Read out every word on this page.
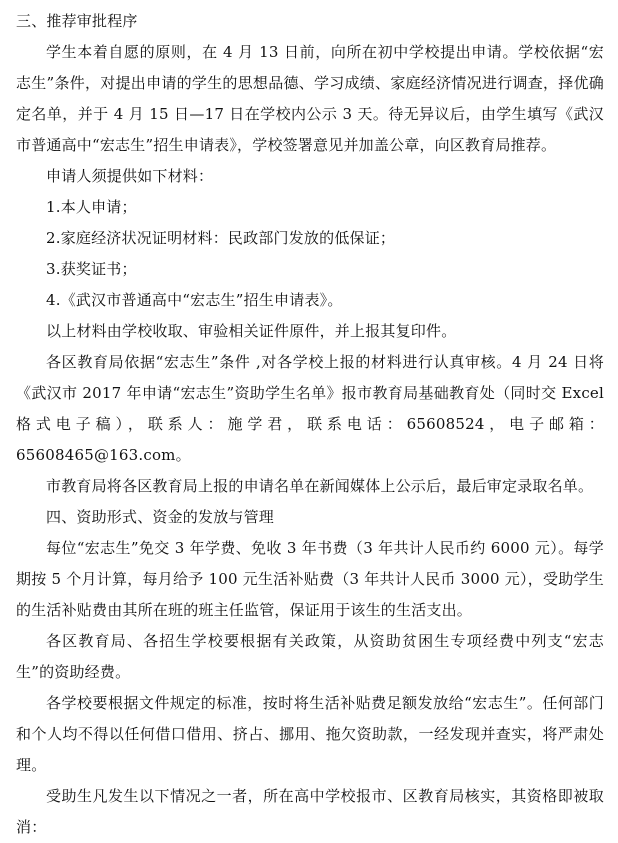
三、推荐审批程序

学生本着自愿的原则，在 4 月 13 日前，向所在初中学校提出申请。学校依据“宏志生”条件，对提出申请的学生的思想品德、学习成绩、家庭经济情况进行调查，择优确定名单，并于 4 月 15 日—17 日在学校内公示 3 天。待无异议后，由学生填写《武汉市普通高中“宏志生”招生申请表》，学校签署意见并加盖公章，向区教育局推荐。

申请人须提供如下材料：

1.本人申请；

2.家庭经济状况证明材料：民政部门发放的低保证；

3.获奖证书；

4.《武汉市普通高中“宏志生”招生申请表》。

以上材料由学校收取、审验相关证件原件，并上报其复印件。

各区教育局依据“宏志生”条件 ,对各学校上报的材料进行认真审核。4 月 24 日将《武汉市 2017 年申请“宏志生”资助学生名单》报市教育局基础教育处（同时交 Excel 格式电子稿），联系人：施学君，联系电话：65608524，电子邮箱：65608465@163.com。

市教育局将各区教育局上报的申请名单在新闻媒体上公示后，最后审定录取名单。

四、资助形式、资金的发放与管理

每位“宏志生”免交 3 年学费、免收 3 年书费（3 年共计人民币约 6000 元）。每学期按 5 个月计算，每月给予 100 元生活补贴费（3 年共计人民币 3000 元），受助学生的生活补贴费由其所在班的班主任监管，保证用于该生的生活支出。

各区教育局、各招生学校要根据有关政策，从资助贫困生专项经费中列支“宏志生”的资助经费。

各学校要根据文件规定的标准，按时将生活补贴费足额发放给“宏志生”。任何部门和个人均不得以任何借口借用、挤占、挪用、拖欠资助款，一经发现并查实，将严肃处理。

受助生凡发生以下情况之一者，所在高中学校报市、区教育局核实，其资格即被取消：
